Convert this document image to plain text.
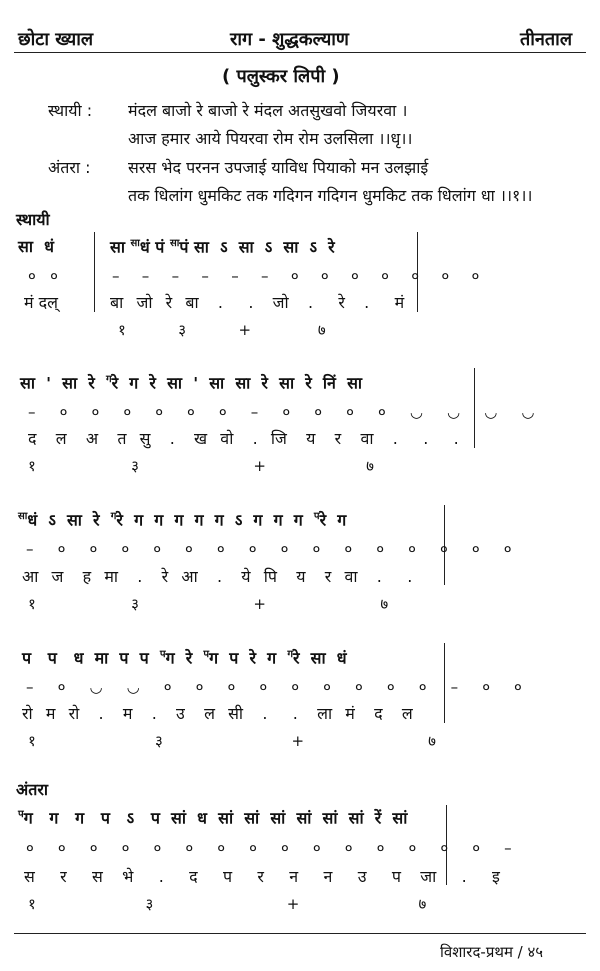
छोटा ख्याल	राग - शुद्धकल्याण	तीनताल
( पलुस्कर लिपी )
स्थायी : मंदल बाजो रे बाजो रे मंदल अतसुखवो जियरवा ।
आज हमार आये पियरवा रोम रोम उलसिला ।।धृ।।
अंतरा : सरस भेद परनन उपजाई याविध पियाको मन उलझाई
तक धिलांग धुमकिट तक गदिगन गदिगन धुमकिट तक धिलांग धा ।।१।।
स्थायी
सा  धं	सा $^{सा}$धं पं $^{सा}$पं सा  ऽ  सा  ऽ  सा  ऽ  रे
०   ०	–   –   –   –   –   –   ०   ०   ०   ०   ०   ०   ०
मं दल्	बा  जो  रे  बा   .    .   जो   .    रे   .    मं
१           ३           +              ७
सा  '  सा  रे  $^ग$रे  ग  रे  सा  '  सा  सा  रे  सा  रे  निं  सा
–    ०    ०    ०    ०    ०    ०    –    ०    ०    ०    ०    ◡    ◡    ◡    ◡
द   ल   अ   त  सु   .   ख  वो   .  जि   य   र   वा   .    .    .
१                    ३                        +                     ७
$^{सा}$धं  ऽ  सा  रे  $^ग$रे  ग  ग  ग  ग  ग  ऽ  ग  ग  ग  $^प$रे  ग
–    ०    ०    ०    ०    ०    ०    ०    ०    ०    ०    ०    ०    ०    ०    ०
आ  ज   ह  मा   .   रे  आ   .   ये  पि   य   र  वा   .    .
१                    ३                        +                        ७
प   प   ध  मा  प  प  $^प$ग  रे  $^प$ग  प  रे  ग  $^ग$रे  सा  धं
–    ०    ◡    ◡    ०    ०    ०    ०    ०    ०    ०    ०    ०    –    ०    ०
रो  म  रो   .   म   .   उ   ल  सी   .    .   ला  मं   द   ल
१                         ३                           +                          ७
अंतरा
$^प$ग   ग   ग   प   ऽ   प  सां  ध  सां  सां  सां  सां  सां  सां  रें  सां
०    ०    ०    ०    ०    ०    ०    ०    ०    ०    ०    ०    ०    ०    ०    –
स    र    स   भे    .    द    प    र    न    न    उ    प   जा    .    इ
१                       ३                            +                         ७
विशारद-प्रथम / ४५
